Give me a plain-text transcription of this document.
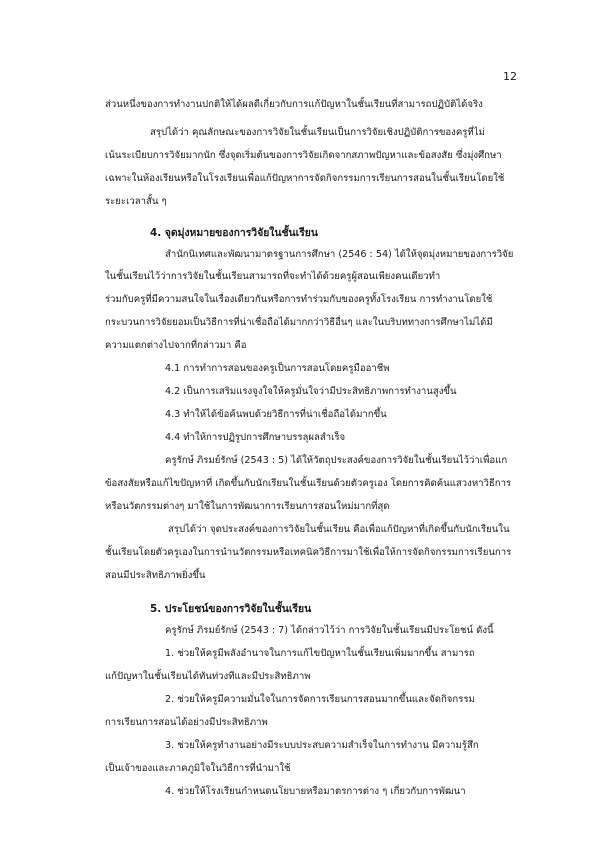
12
ส่วนหนึ่งของการทำงานปกติให้ได้ผลดีเกี่ยวกับการแก้ปัญหาในชั้นเรียนที่สามารถปฏิบัติได้จริง
สรุปได้ว่า คุณลักษณะของการวิจัยในชั้นเรียนเป็นการวิจัยเชิงปฏิบัติการของครูที่ไม่
เน้นระเบียบการวิจัยมากนัก ซึ่งจุดเริ่มต้นของการวิจัยเกิดจากสภาพปัญหาและข้อสงสัย ซึ่งมุ่งศึกษา
เฉพาะในห้องเรียนหรือในโรงเรียนเพื่อแก้ปัญหาการจัดกิจกรรมการเรียนการสอนในชั้นเรียนโดยใช้
ระยะเวลาสั้น ๆ
4. จุดมุ่งหมายของการวิจัยในชั้นเรียน
สำนักนิเทศและพัฒนามาตรฐานการศึกษา (2546 : 54) ได้ให้จุดมุ่งหมายของการวิจัย
ในชั้นเรียนไว้ว่าการวิจัยในชั้นเรียนสามารถที่จะทำได้ด้วยครูผู้สอนเพียงคนเดียวทำ
ร่วมกับครูที่มีความสนใจในเรื่องเดียวกันหรือการทำร่วมกับของครูทั้งโรงเรียน การทำงานโดยใช้
กระบวนการวิจัยยอมเป็นวิธีการที่น่าเชื่อถือได้มากกว่าวิธีอื่นๆ และในบริบททางการศึกษาไม่ได้มี
ความแตกต่างไปจากที่กล่าวมา คือ
4.1 การทำการสอนของครูเป็นการสอนโดยครูมืออาชีพ
4.2 เป็นการเสริมแรงจูงใจให้ครูมั่นใจว่ามีประสิทธิภาพการทำงานสูงขึ้น
4.3 ทำให้ได้ข้อค้นพบด้วยวิธีการที่น่าเชื่อถือได้มากขึ้น
4.4 ทำให้การปฏิรูปการศึกษาบรรลุผลสำเร็จ
ครูรักษ์ ภิรมย์รักษ์ (2543 : 5) ได้ให้วัตถุประสงค์ของการวิจัยในชั้นเรียนไว้ว่าเพื่อแก
ข้อสงสัยหรือแก้ไขปัญหาที่ เกิดขึ้นกับนักเรียนในชั้นเรียนด้วยตัวครูเอง โดยการคิดค้นแสวงหาวิธีการ
หรือนวัตกรรมต่างๆ มาใช้ในการพัฒนาการเรียนการสอนใหม่มากที่สุด
สรุปได้ว่า จุดประสงค์ของการวิจัยในชั้นเรียน คือเพื่อแก้ปัญหาที่เกิดขึ้นกับนักเรียนใน
ชั้นเรียนโดยตัวครูเองในการนำนวัตกรรมหรือเทคนิควิธีการมาใช้เพื่อให้การจัดกิจกรรมการเรียนการ
สอนมีประสิทธิภาพยิ่งขึ้น
5. ประโยชน์ของการวิจัยในชั้นเรียน
ครูรักษ์ ภิรมย์รักษ์ (2543 : 7) ได้กล่าวไว้ว่า การวิจัยในชั้นเรียนมีประโยชน์ ดังนี้
1. ช่วยให้ครูมีพลังอำนาจในการแก้ไขปัญหาในชั้นเรียนเพิ่มมากขึ้น สามารถ
แก้ปัญหาในชั้นเรียนได้ทันท่วงทีและมีประสิทธิภาพ
2. ช่วยให้ครูมีความมั่นใจในการจัดการเรียนการสอนมากขึ้นและจัดกิจกรรม
การเรียนการสอนได้อย่างมีประสิทธิภาพ
3. ช่วยให้ครูทำงานอย่างมีระบบประสบความสำเร็จในการทำงาน มีความรู้สึก
เป็นเจ้าของและภาคภูมิใจในวิธีการที่นำมาใช้
4. ช่วยให้โรงเรียนกำหนดนโยบายหรือมาตรการต่าง ๆ เกี่ยวกับการพัฒนา
